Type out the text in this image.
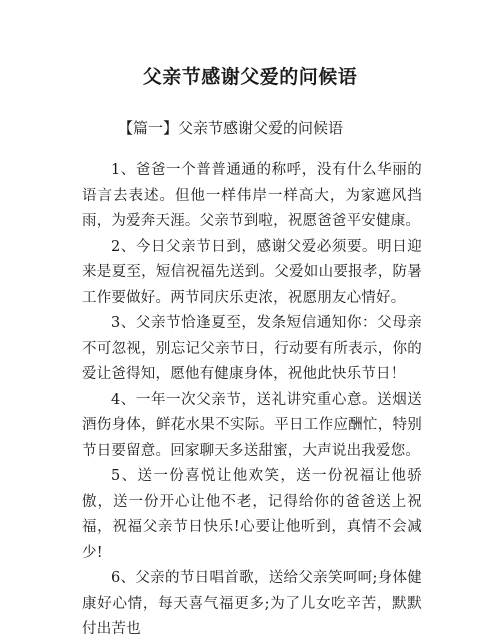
父亲节感谢父爱的问候语
【篇一】父亲节感谢父爱的问候语

1、爸爸一个普普通通的称呼，没有什么华丽的语言去表述。但他一样伟岸一样高大，为家遮风挡雨，为爱奔天涯。父亲节到啦，祝愿爸爸平安健康。

2、今日父亲节日到，感谢父爱必须要。明日迎来是夏至，短信祝福先送到。父爱如山要报孝，防暑工作要做好。两节同庆乐吏浓，祝愿朋友心情好。

3、父亲节恰逢夏至，发条短信通知你：父母亲不可忽视，别忘记父亲节日，行动要有所表示，你的爱让爸得知，愿他有健康身体，祝他此快乐节日！

4、一年一次父亲节，送礼讲究重心意。送烟送酒伤身体，鲜花水果不实际。平日工作应酬忙，特别节日要留意。回家聊天多送甜蜜，大声说出我爱您。

5、送一份喜悦让他欢笑，送一份祝福让他骄傲，送一份开心让他不老，记得给你的爸爸送上祝福，祝福父亲节日快乐!心要让他听到，真情不会减少!

6、父亲的节日唱首歌，送给父亲笑呵呵;身体健康好心情，每天喜气福更多;为了儿女吃辛苦，默默付出苦也
